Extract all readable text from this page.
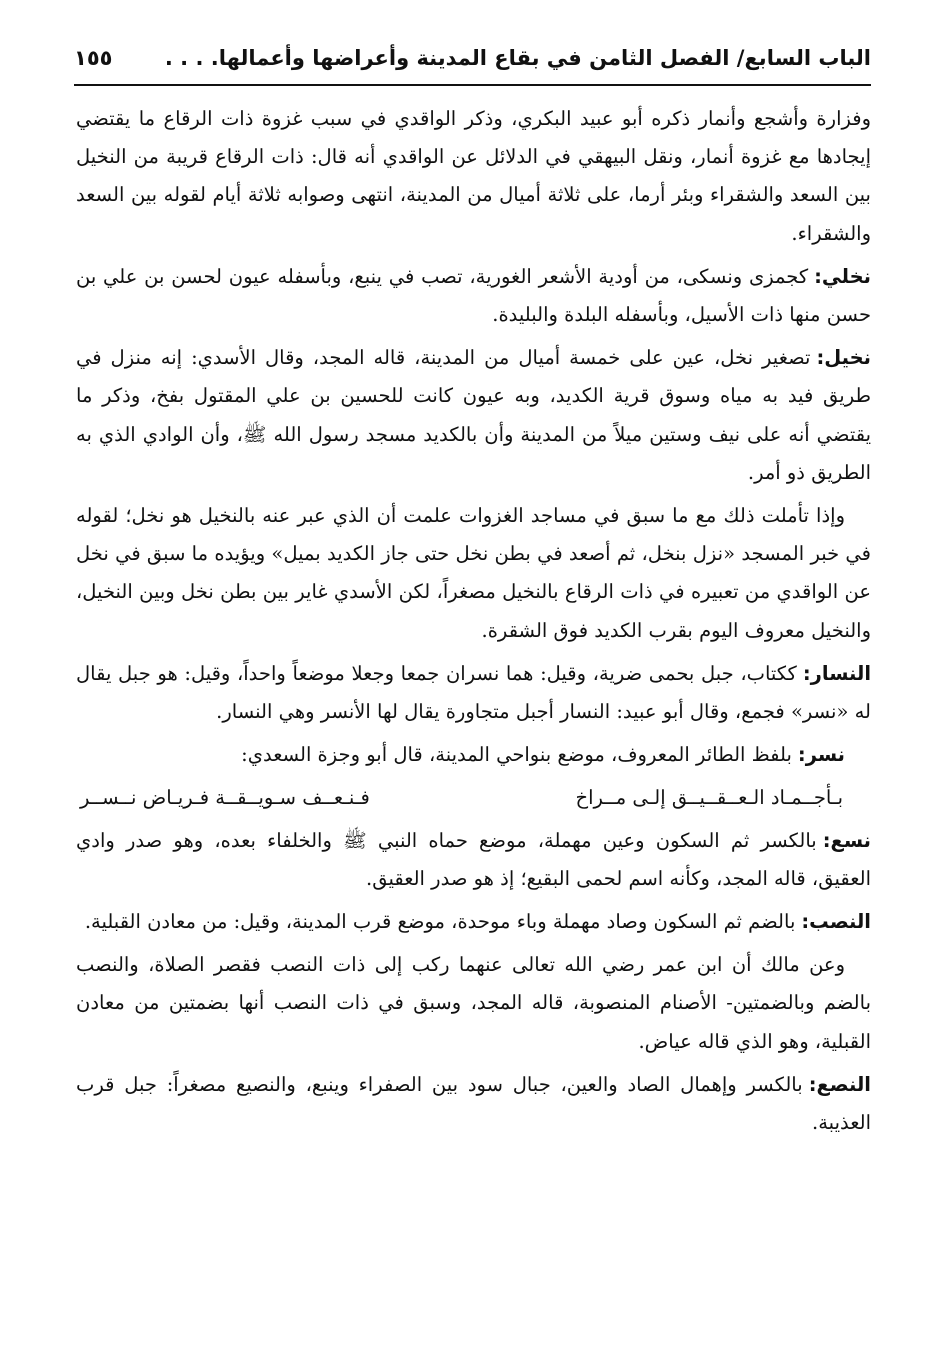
الباب السابع/ الفصل الثامن في بقاع المدينة وأعراضها وأعمالها. . . .
١٥٥

وفزارة وأشجع وأنمار ذكره أبو عبيد البكري، وذكر الواقدي في سبب غزوة ذات الرقاع ما يقتضي إيجادها مع غزوة أنمار، ونقل البيهقي في الدلائل عن الواقدي أنه قال: ذات الرقاع قريبة من النخيل بين السعد والشقراء وبئر أرما، على ثلاثة أميال من المدينة، انتهى وصوابه ثلاثة أيام لقوله بين السعد والشقراء.

نخلي:كجمزى ونسكى، من أودية الأشعر الغورية، تصب في ينبع، وبأسفله عيون لحسن بن علي بن حسن منها ذات الأسيل، وبأسفله البلدة والبليدة.

نخيل:تصغير نخل، عين على خمسة أميال من المدينة، قاله المجد، وقال الأسدي: إنه منزل في طريق فيد به مياه وسوق قرية الكديد، وبه عيون كانت للحسين بن علي المقتول بفخ، وذكر ما يقتضي أنه على نيف وستين ميلاً من المدينة وأن بالكديد مسجد رسول الله ﷺ، وأن الوادي الذي به الطريق ذو أمر.

وإذا تأملت ذلك مع ما سبق في مساجد الغزوات علمت أن الذي عبر عنه بالنخيل هو نخل؛ لقوله في خبر المسجد «نزل بنخل، ثم أصعد في بطن نخل حتى جاز الكديد بميل» ويؤيده ما سبق في نخل عن الواقدي من تعبيره في ذات الرقاع بالنخيل مصغراً، لكن الأسدي غاير بين بطن نخل وبين النخيل، والنخيل معروف اليوم بقرب الكديد فوق الشقرة.

النسار:ككتاب، جبل بحمى ضرية، وقيل: هما نسران جمعا وجعلا موضعاً واحداً، وقيل: هو جبل يقال له «نسر» فجمع، وقال أبو عبيد: النسار أجبل متجاورة يقال لها الأنسر وهي النسار.

نسر:بلفظ الطائر المعروف، موضع بنواحي المدينة، قال أبو وجزة السعدي:

بـأجــمـاد الـعــقــيــق إلـى مــراخ
فـنـعــف سـويــقــة فـريـاض نــســر

نسع:بالكسر ثم السكون وعين مهملة، موضع حماه النبي ﷺ والخلفاء بعده، وهو صدر وادي العقيق، قاله المجد، وكأنه اسم لحمى البقيع؛ إذ هو صدر العقيق.

النصب:بالضم ثم السكون وصاد مهملة وباء موحدة، موضع قرب المدينة، وقيل: من معادن القبلية.

وعن مالك أن ابن عمر رضي الله تعالى عنهما ركب إلى ذات النصب فقصر الصلاة، والنصب بالضم وبالضمتين- الأصنام المنصوبة، قاله المجد، وسبق في ذات النصب أنها بضمتين من معادن القبلية، وهو الذي قاله عياض.

النصع:بالكسر وإهمال الصاد والعين، جبال سود بين الصفراء وينبع، والنصيع مصغراً: جبل قرب العذيبة.
